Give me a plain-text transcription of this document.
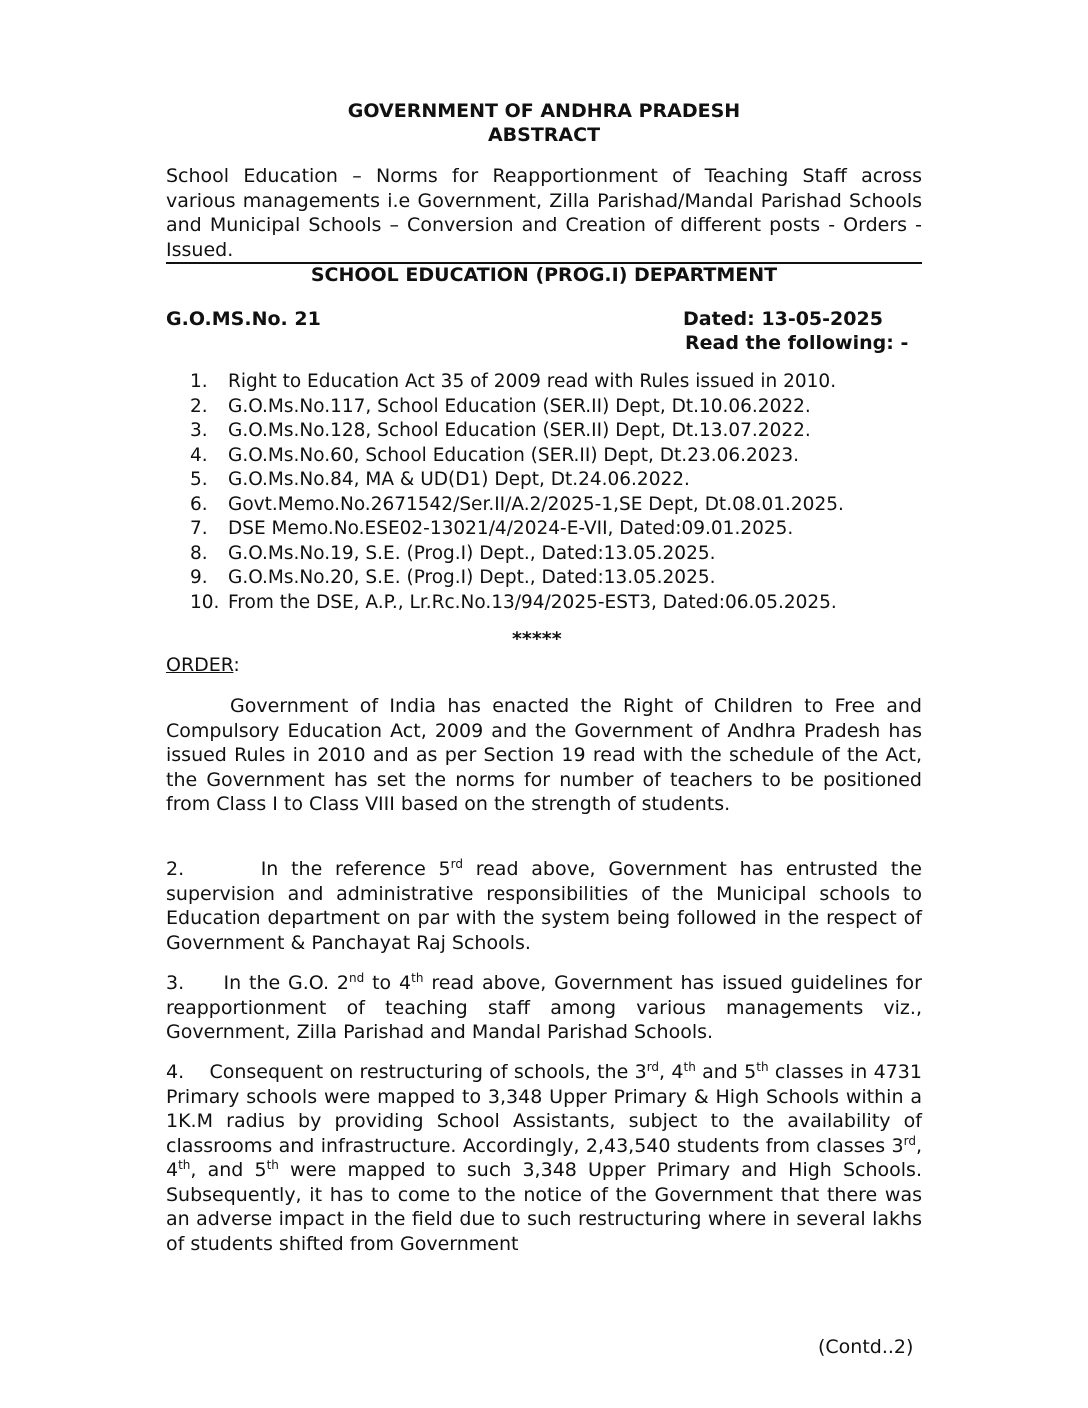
GOVERNMENT OF ANDHRA PRADESH
ABSTRACT
School Education – Norms for Reapportionment of Teaching Staff across various managements i.e Government, Zilla Parishad/Mandal Parishad Schools and Municipal Schools – Conversion and Creation of different posts - Orders - Issued.
SCHOOL EDUCATION (PROG.I) DEPARTMENT
G.O.MS.No. 21	Dated: 13-05-2025
Read the following: -
1. Right to Education Act 35 of 2009 read with Rules issued in 2010.
2. G.O.Ms.No.117, School Education (SER.II) Dept, Dt.10.06.2022.
3. G.O.Ms.No.128, School Education (SER.II) Dept, Dt.13.07.2022.
4. G.O.Ms.No.60, School Education (SER.II) Dept, Dt.23.06.2023.
5. G.O.Ms.No.84, MA & UD(D1) Dept, Dt.24.06.2022.
6. Govt.Memo.No.2671542/Ser.II/A.2/2025-1,SE Dept, Dt.08.01.2025.
7. DSE Memo.No.ESE02-13021/4/2024-E-VII, Dated:09.01.2025.
8. G.O.Ms.No.19, S.E. (Prog.I) Dept., Dated:13.05.2025.
9. G.O.Ms.No.20, S.E. (Prog.I) Dept., Dated:13.05.2025.
10. From the DSE, A.P., Lr.Rc.No.13/94/2025-EST3, Dated:06.05.2025.
*****
ORDER:

Government of India has enacted the Right of Children to Free and Compulsory Education Act, 2009 and the Government of Andhra Pradesh has issued Rules in 2010 and as per Section 19 read with the schedule of the Act, the Government has set the norms for number of teachers to be positioned from Class I to Class VIII based on the strength of students.

2.	In the reference 5rd read above, Government has entrusted the supervision and administrative responsibilities of the Municipal schools to Education department on par with the system being followed in the respect of Government & Panchayat Raj Schools.

3. In the G.O. 2nd to 4th read above, Government has issued guidelines for reapportionment of teaching staff among various managements viz., Government, Zilla Parishad and Mandal Parishad Schools.

4. Consequent on restructuring of schools, the 3rd, 4th and 5th classes in 4731 Primary schools were mapped to 3,348 Upper Primary & High Schools within a 1K.M radius by providing School Assistants, subject to the availability of classrooms and infrastructure. Accordingly, 2,43,540 students from classes 3rd, 4th, and 5th were mapped to such 3,348 Upper Primary and High Schools. Subsequently, it has to come to the notice of the Government that there was an adverse impact in the field due to such restructuring where in several lakhs of students shifted from Government

(Contd..2)
